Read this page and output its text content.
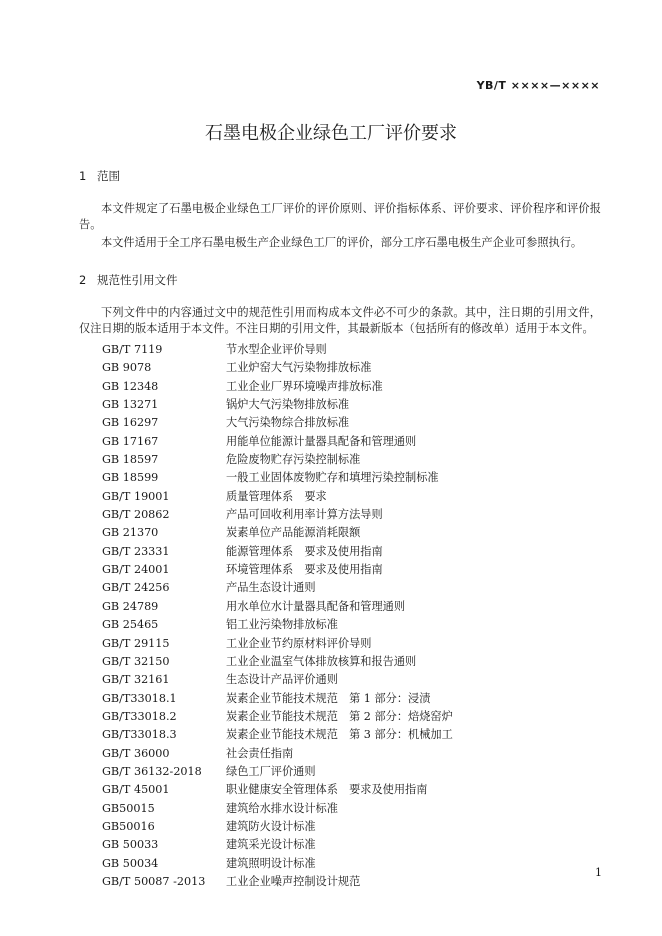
YB/T ××××—××××
石墨电极企业绿色工厂评价要求
1 范围
本文件规定了石墨电极企业绿色工厂评价的评价原则、评价指标体系、评价要求、评价程序和评价报告。
本文件适用于全工序石墨电极生产企业绿色工厂的评价，部分工序石墨电极生产企业可参照执行。
2 规范性引用文件
下列文件中的内容通过文中的规范性引用而构成本文件必不可少的条款。其中，注日期的引用文件，仅注日期的版本适用于本文件。不注日期的引用文件，其最新版本（包括所有的修改单）适用于本文件。
GB/T 7119	节水型企业评价导则
GB 9078	工业炉窑大气污染物排放标准
GB 12348	工业企业厂界环境噪声排放标准
GB 13271	锅炉大气污染物排放标准
GB 16297	大气污染物综合排放标准
GB 17167	用能单位能源计量器具配备和管理通则
GB 18597	危险废物贮存污染控制标准
GB 18599	一般工业固体废物贮存和填埋污染控制标准
GB/T 19001	质量管理体系　要求
GB/T 20862	产品可回收利用率计算方法导则
GB 21370	炭素单位产品能源消耗限额
GB/T 23331	能源管理体系　要求及使用指南
GB/T 24001	环境管理体系　要求及使用指南
GB/T 24256	产品生态设计通则
GB 24789	用水单位水计量器具配备和管理通则
GB 25465	铝工业污染物排放标准
GB/T 29115	工业企业节约原材料评价导则
GB/T 32150	工业企业温室气体排放核算和报告通则
GB/T 32161	生态设计产品评价通则
GB/T33018.1	炭素企业节能技术规范　第 1 部分：浸渍
GB/T33018.2	炭素企业节能技术规范　第 2 部分：焙烧窑炉
GB/T33018.3	炭素企业节能技术规范　第 3 部分：机械加工
GB/T 36000	社会责任指南
GB/T 36132-2018 绿色工厂评价通则
GB/T 45001	职业健康安全管理体系　要求及使用指南
GB50015	建筑给水排水设计标准
GB50016	建筑防火设计标准
GB 50033	建筑采光设计标准
GB 50034	建筑照明设计标准
GB/T 50087 -2013 工业企业噪声控制设计规范
1
